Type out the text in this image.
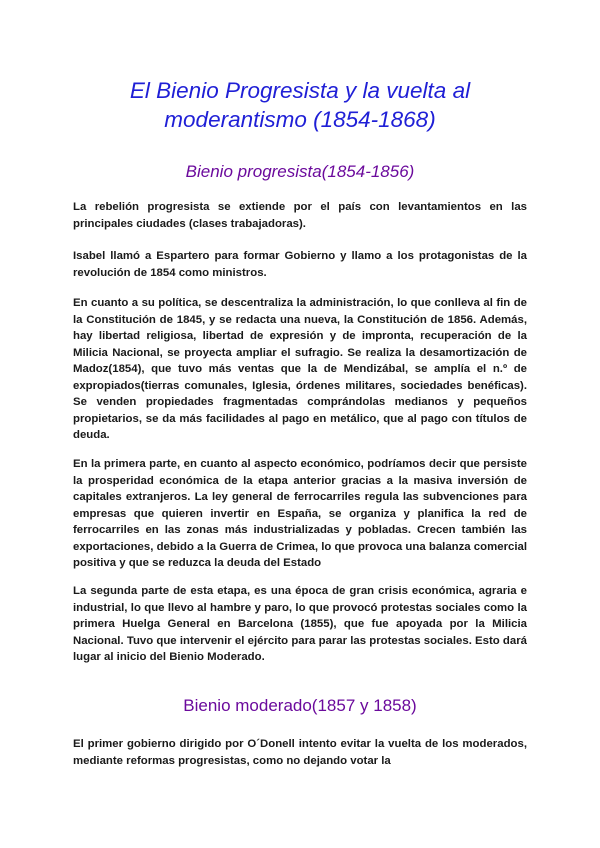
El Bienio Progresista y la vuelta al moderantismo (1854-1868)
Bienio progresista(1854-1856)

La rebelión progresista se extiende por el país con levantamientos en las principales ciudades (clases trabajadoras).

Isabel llamó a Espartero para formar Gobierno y llamo a los protagonistas de la revolución de 1854 como ministros.

En cuanto a su política, se descentraliza la administración, lo que conlleva al fin de la Constitución de 1845, y se redacta una nueva, la Constitución de 1856. Además, hay libertad religiosa, libertad de expresión y de impronta, recuperación de la Milicia Nacional, se proyecta ampliar el sufragio. Se realiza la desamortización de Madoz(1854), que tuvo más ventas que la de Mendizábal, se amplía el n.º de expropiados(tierras comunales, Iglesia, órdenes militares, sociedades benéficas). Se venden propiedades fragmentadas comprándolas medianos y pequeños propietarios, se da más facilidades al pago en metálico, que al pago con títulos de deuda.

En la primera parte, en cuanto al aspecto económico, podríamos decir que persiste la prosperidad económica de la etapa anterior gracias a la masiva inversión de capitales extranjeros. La ley general de ferrocarriles regula las subvenciones para empresas que quieren invertir en España, se organiza y planifica la red de ferrocarriles en las zonas más industrializadas y pobladas. Crecen también las exportaciones, debido a la Guerra de Crimea, lo que provoca una balanza comercial positiva y que se reduzca la deuda del Estado

La segunda parte de esta etapa, es una época de gran crisis económica, agraria e industrial, lo que llevo al hambre y paro, lo que provocó protestas sociales como la primera Huelga General en Barcelona (1855), que fue apoyada por la Milicia Nacional. Tuvo que intervenir el ejército para parar las protestas sociales. Esto dará lugar al inicio del Bienio Moderado.

Bienio moderado(1857 y 1858)

El primer gobierno dirigido por O´Donell intento evitar la vuelta de los moderados, mediante reformas progresistas, como no dejando votar la
